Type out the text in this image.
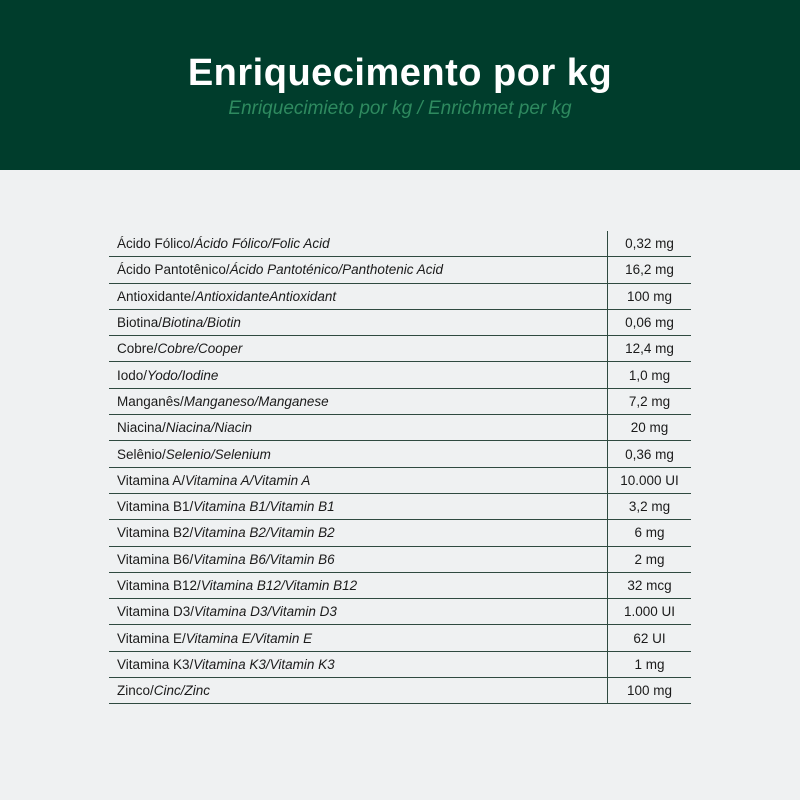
Enriquecimento por kg
Enriquecimieto por kg / Enrichmet per kg
Ácido Fólico/ Ácido Fólico/Folic Acid	0,32 mg
Ácido Pantotênico/ Ácido Pantoténico/Panthotenic Acid	16,2 mg
Antioxidante/ AntioxidanteAntioxidant	100 mg
Biotina/ Biotina/Biotin	0,06 mg
Cobre/ Cobre/Cooper	12,4 mg
Iodo/ Yodo/Iodine	1,0 mg
Manganês/ Manganeso/Manganese	7,2 mg
Niacina/ Niacina/Niacin	20 mg
Selênio/ Selenio/Selenium	0,36 mg
Vitamina A/ Vitamina A/Vitamin A	10.000 UI
Vitamina B1/ Vitamina B1/Vitamin B1	3,2 mg
Vitamina B2/ Vitamina B2/Vitamin B2	6 mg
Vitamina B6/ Vitamina B6/Vitamin B6	2 mg
Vitamina B12/ Vitamina B12/Vitamin B12	32 mcg
Vitamina D3/ Vitamina D3/Vitamin D3	1.000 UI
Vitamina E/ Vitamina E/Vitamin E	62 UI
Vitamina K3/ Vitamina K3/Vitamin K3	1 mg
Zinco/ Cinc/Zinc	100 mg
